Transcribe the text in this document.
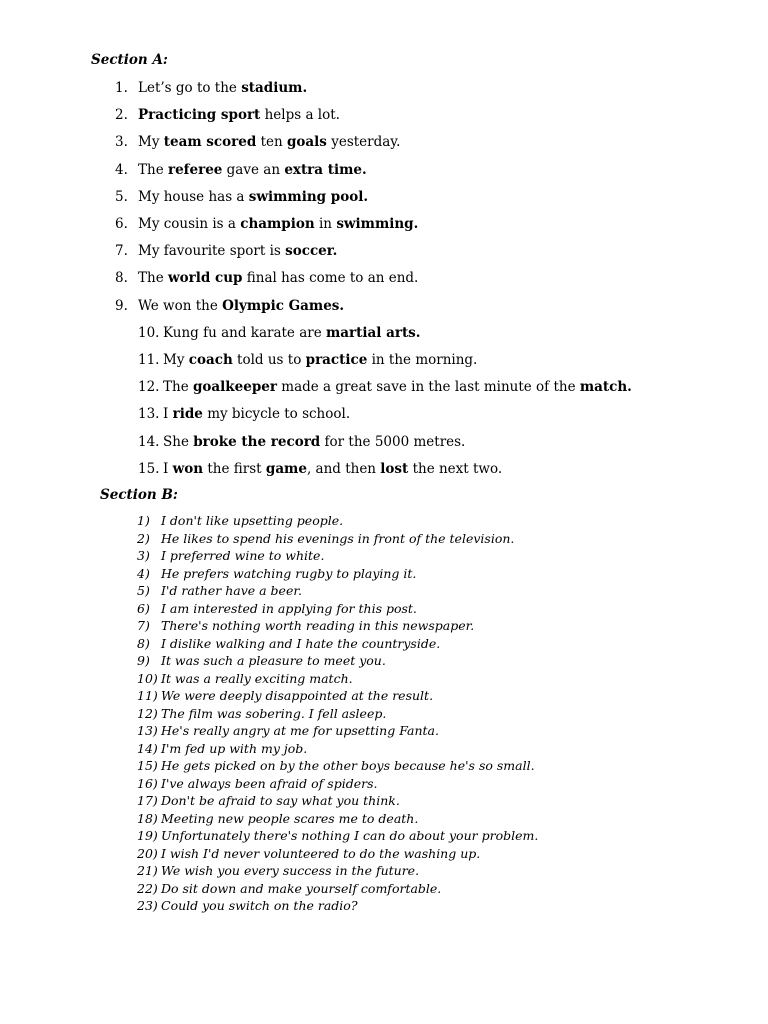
Section A:
1. Let’s go to the stadium.
2. Practicing sport helps a lot.
3. My team scored ten goals yesterday.
4. The referee gave an extra time.
5. My house has a swimming pool.
6. My cousin is a champion in swimming.
7. My favourite sport is soccer.
8. The world cup final has come to an end.
9. We won the Olympic Games.
10. Kung fu and karate are martial arts.
11. My coach told us to practice in the morning.
12. The goalkeeper made a great save in the last minute of the match.
13. I ride my bicycle to school.
14. She broke the record for the 5000 metres.
15. I won the first game, and then lost the next two.
Section B:
1) I don't like upsetting people.
2) He likes to spend his evenings in front of the television.
3) I preferred wine to white.
4) He prefers watching rugby to playing it.
5) I'd rather have a beer.
6) I am interested in applying for this post.
7) There's nothing worth reading in this newspaper.
8) I dislike walking and I hate the countryside.
9) It was such a pleasure to meet you.
10) It was a really exciting match.
11) We were deeply disappointed at the result.
12) The film was sobering. I fell asleep.
13) He's really angry at me for upsetting Fanta.
14) I'm fed up with my job.
15) He gets picked on by the other boys because he's so small.
16) I've always been afraid of spiders.
17) Don't be afraid to say what you think.
18) Meeting new people scares me to death.
19) Unfortunately there's nothing I can do about your problem.
20) I wish I'd never volunteered to do the washing up.
21) We wish you every success in the future.
22) Do sit down and make yourself comfortable.
23) Could you switch on the radio?
